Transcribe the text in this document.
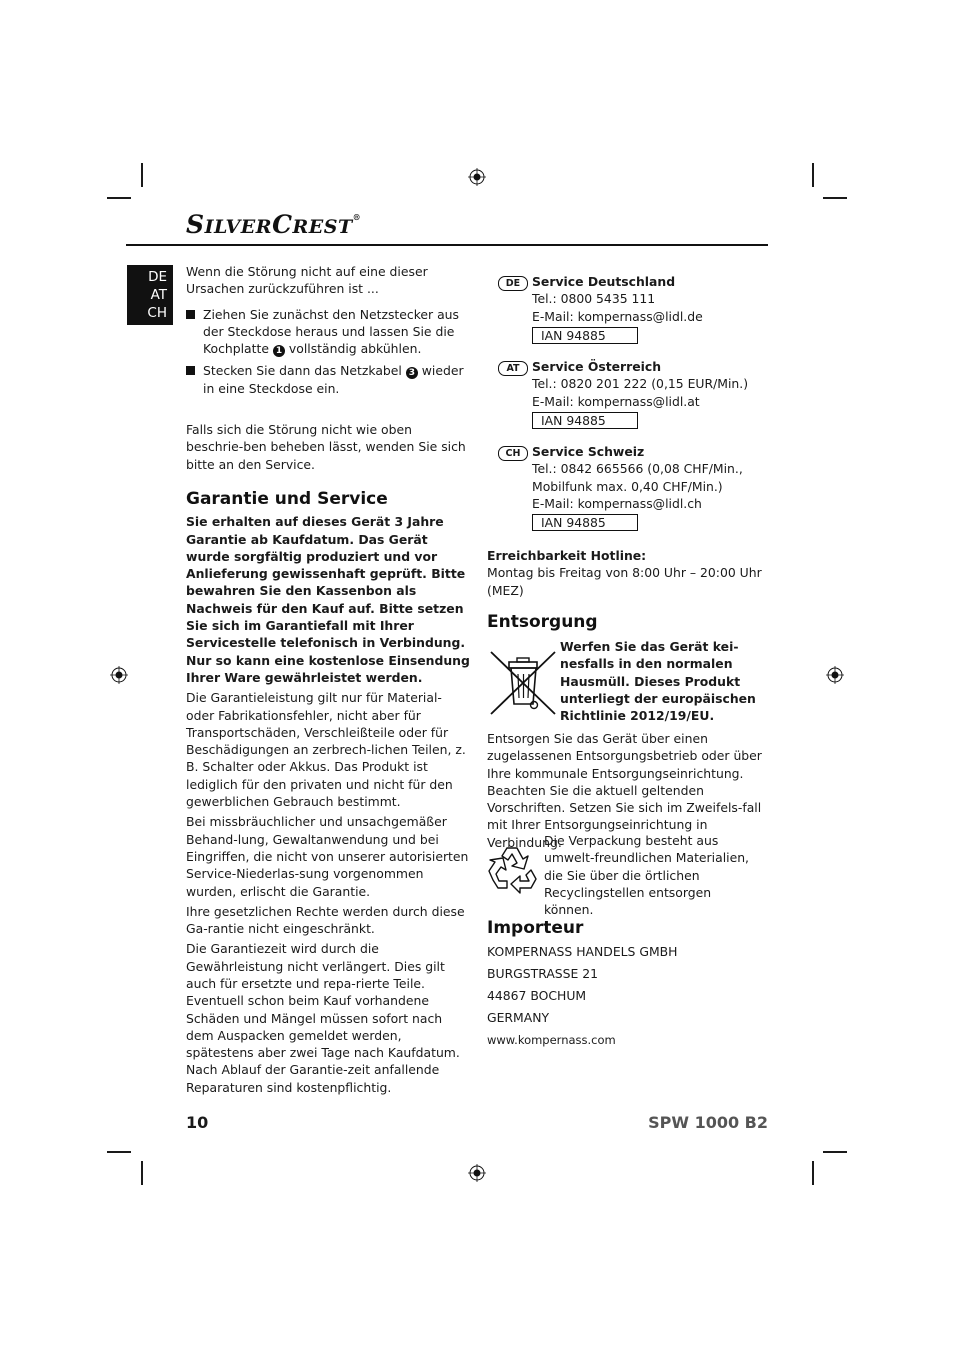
SILVERCREST®
DE
AT
CH

Wenn die Störung nicht auf eine dieser Ursachen zurückzuführen ist ...

Ziehen Sie zunächst den Netzstecker aus der Steckdose heraus und lassen Sie die Kochplatte 1 vollständig abkühlen.
Stecken Sie dann das Netzkabel 3 wieder in eine Steckdose ein.

Falls sich die Störung nicht wie oben beschrie-ben beheben lässt, wenden Sie sich bitte an den Service.

Garantie und Service

Sie erhalten auf dieses Gerät 3 Jahre Garantie ab Kaufdatum. Das Gerät wurde sorgfältig produziert und vor Anlieferung gewissenhaft geprüft. Bitte bewahren Sie den Kassenbon als Nachweis für den Kauf auf. Bitte setzen Sie sich im Garantiefall mit Ihrer Servicestelle telefonisch in Verbindung. Nur so kann eine kostenlose Einsendung Ihrer Ware gewährleistet werden.

Die Garantieleistung gilt nur für Material- oder Fabrikationsfehler, nicht aber für Transportschäden, Verschleißteile oder für Beschädigungen an zerbrech-lichen Teilen, z. B. Schalter oder Akkus. Das Produkt ist lediglich für den privaten und nicht für den gewerblichen Gebrauch bestimmt.

Bei missbräuchlicher und unsachgemäßer Behand-lung, Gewaltanwendung und bei Eingriffen, die nicht von unserer autorisierten Service-Niederlas-sung vorgenommen wurden, erlischt die Garantie.

Ihre gesetzlichen Rechte werden durch diese Ga-rantie nicht eingeschränkt.

Die Garantiezeit wird durch die Gewährleistung nicht verlängert. Dies gilt auch für ersetzte und repa-rierte Teile. Eventuell schon beim Kauf vorhandene Schäden und Mängel müssen sofort nach dem Auspacken gemeldet werden, spätestens aber zwei Tage nach Kaufdatum. Nach Ablauf der Garantie-zeit anfallende Reparaturen sind kostenpflichtig.

DE Service Deutschland
Tel.: 0800 5435 111
E-Mail: kompernass@lidl.de
IAN 94885
AT	Service Österreich
Tel.: 0820 201 222 (0,15 EUR/Min.)
E-Mail: kompernass@lidl.at
IAN 94885
CH Service Schweiz
Tel.: 0842 665566 (0,08 CHF/Min.,
Mobilfunk max. 0,40 CHF/Min.)
E-Mail: kompernass@lidl.ch
IAN 94885

Erreichbarkeit Hotline:

Montag bis Freitag von 8:00 Uhr – 20:00 Uhr (MEZ)

Entsorgung
Werfen Sie das Gerät kei-nesfalls in den normalen Hausmüll. Dieses Produkt unterliegt der europäischen Richtlinie 2012/19/EU.
Entsorgen Sie das Gerät über einen zugelassenen Entsorgungsbetrieb oder über Ihre kommunale Entsorgungseinrichtung. Beachten Sie die aktuell geltenden Vorschriften. Setzen Sie sich im Zweifels-fall mit Ihrer Entsorgungseinrichtung in Verbindung.
Die Verpackung besteht aus umwelt-freundlichen Materialien, die Sie über die örtlichen Recyclingstellen entsorgen können.
Importeur

KOMPERNASS HANDELS GMBH

BURGSTRASSE 21

44867 BOCHUM

GERMANY

www.kompernass.com

10	SPW 1000 B2
